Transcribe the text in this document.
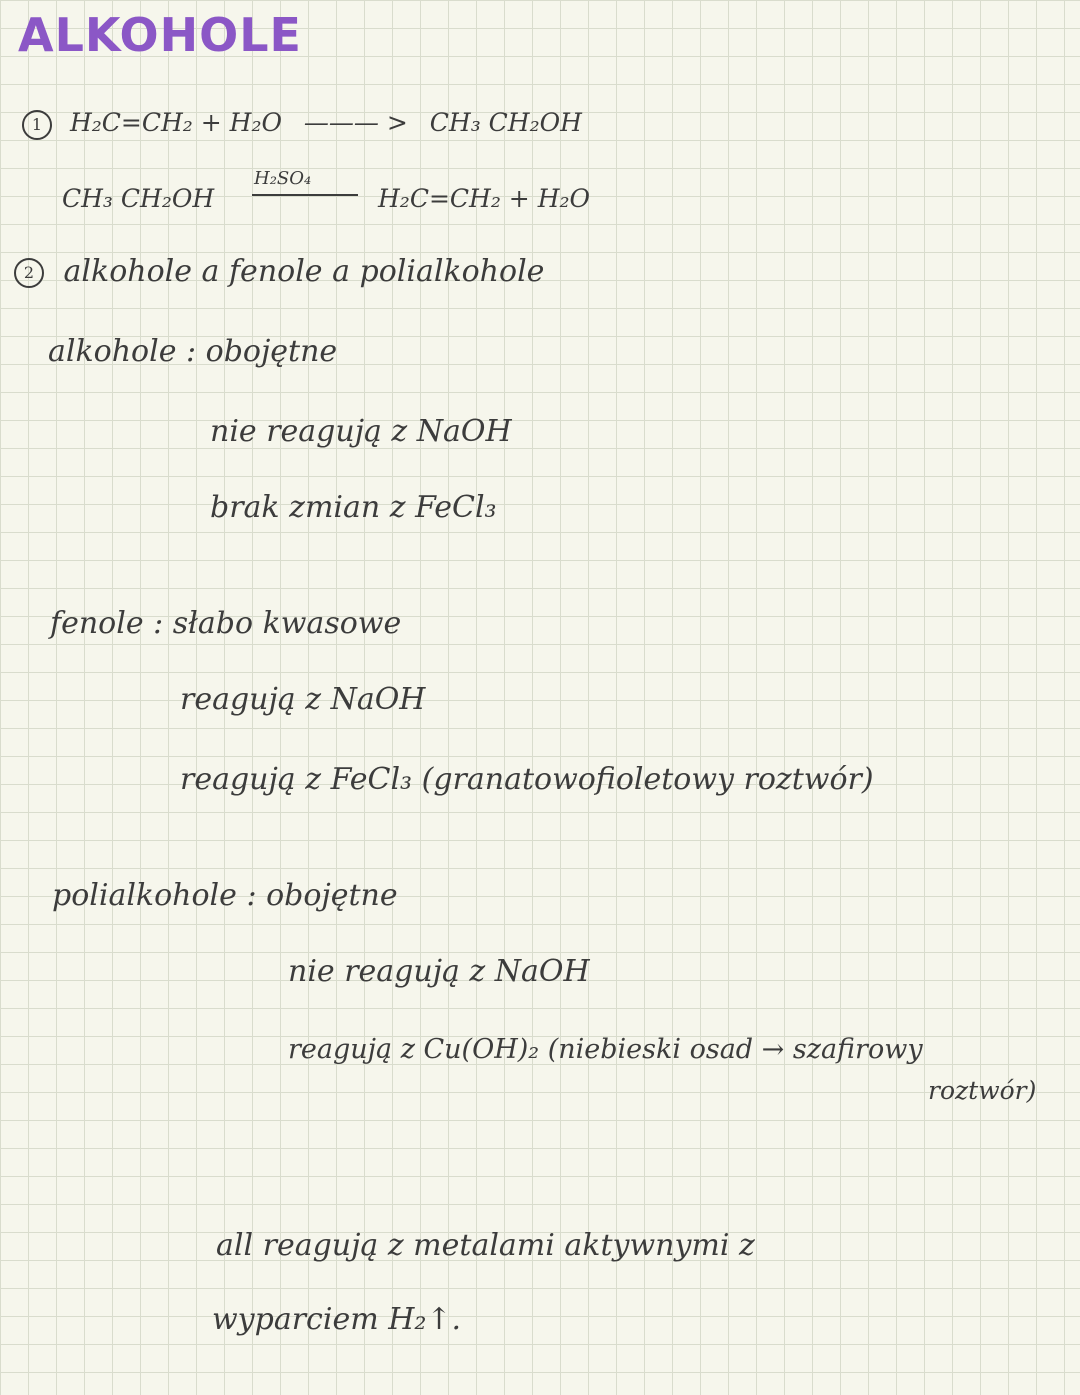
ALKOHOLE
1 H₂C=CH₂ + H₂O ——— > CH₃ CH₂OH
CH₃ CH₂OH
H₂SO₄
H₂C=CH₂ + H₂O
2 alkohole a fenole a polialkohole
alkohole : obojętne
nie reagują z NaOH
brak zmian z FeCl₃
fenole : słabo kwasowe
reagują z NaOH
reagują z FeCl₃ (granatowofioletowy roztwór)
polialkohole : obojętne
nie reagują z NaOH
reagują z Cu(OH)₂ (niebieski osad → szafirowy
roztwór)
all reagują z metalami aktywnymi z
wyparciem H₂↑.
